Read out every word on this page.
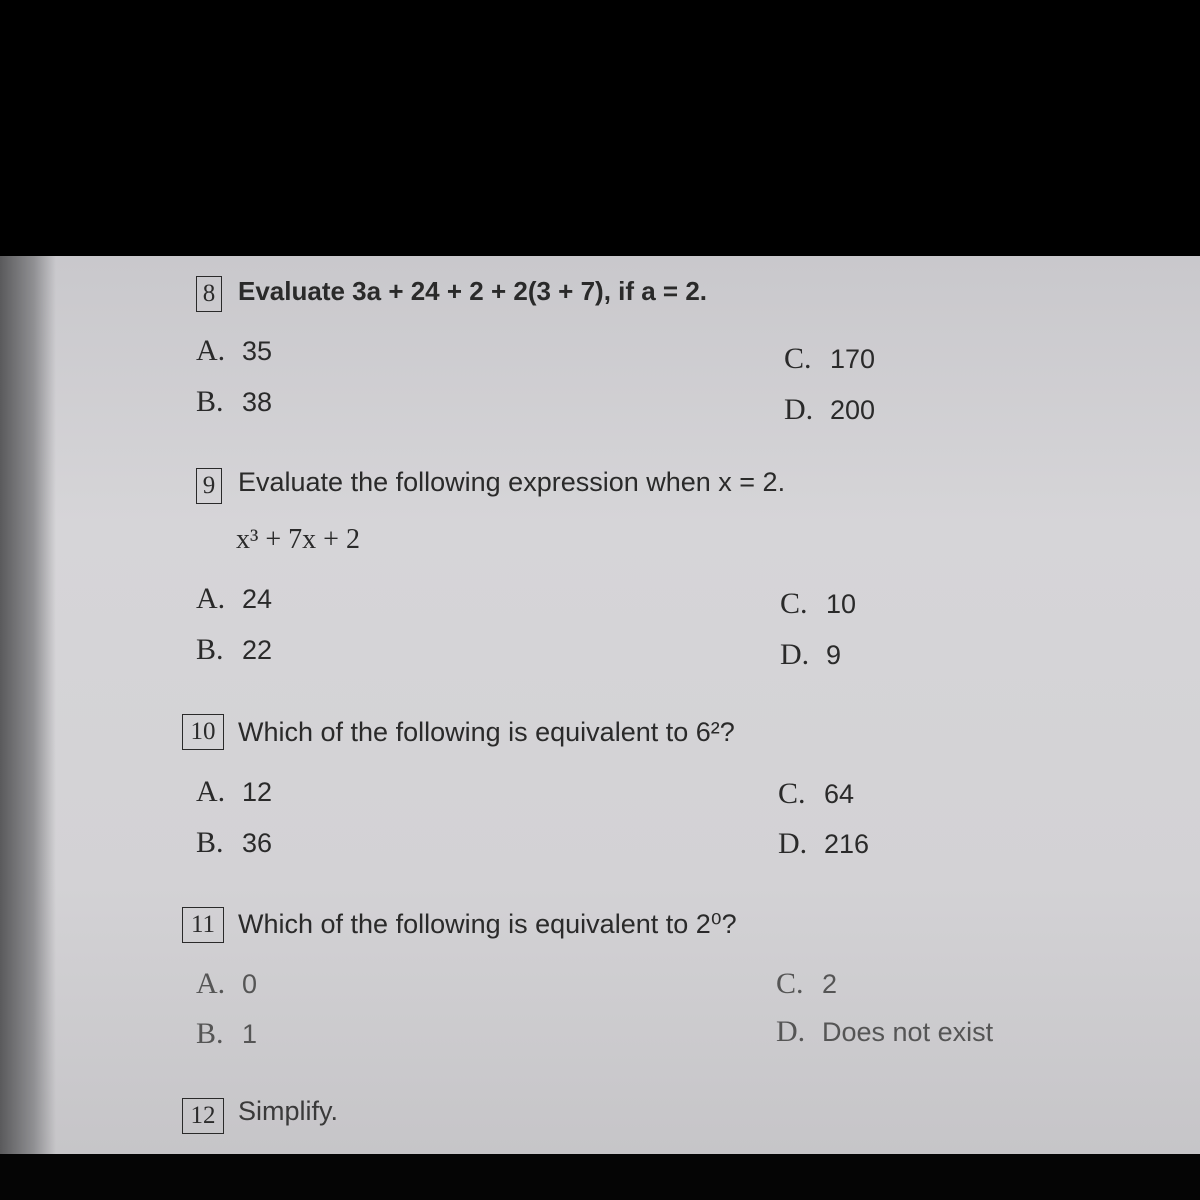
8 Evaluate 3a + 24 + 2 + 2(3 + 7), if a = 2.
A. 35
B. 38
C. 170
D. 200
9 Evaluate the following expression when x = 2.
x³ + 7x + 2
A. 24
B. 22
C. 10
D. 9
10 Which of the following is equivalent to 6²?
A. 12
B. 36
C. 64
D. 216
11 Which of the following is equivalent to 2⁰?
A. 0
B. 1
C. 2
D. Does not exist
12 Simplify.
